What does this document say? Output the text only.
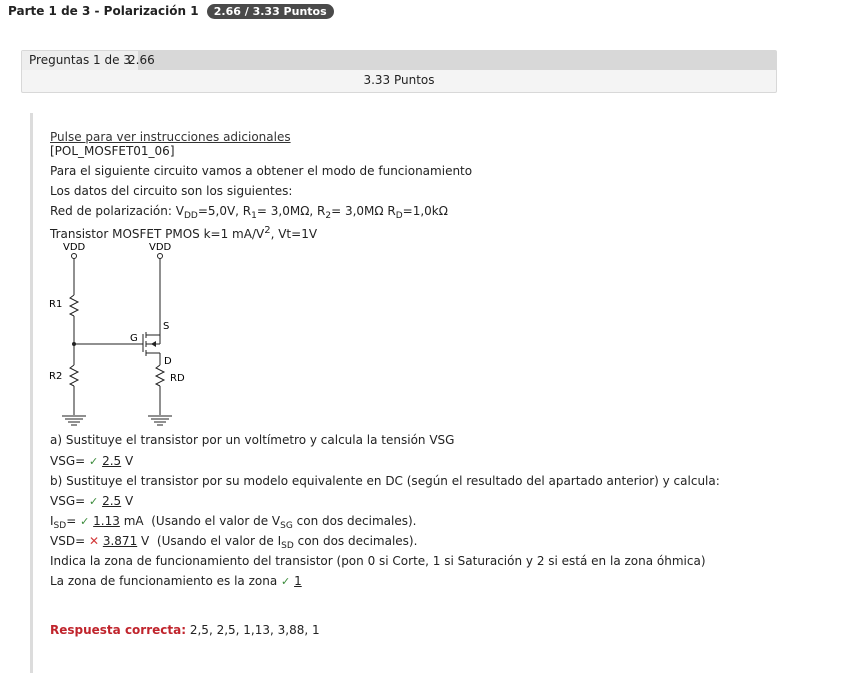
Parte 1 de 3 - Polarización 1 2.66 / 3.33 Puntos
Preguntas 1 de 3
2.66
3.33 Puntos
Pulse para ver instrucciones adicionales
[POL_MOSFET01_06]
Para el siguiente circuito vamos a obtener el modo de funcionamiento
Los datos del circuito son los siguientes:
Red de polarización: $V_{DD}=5,0V$, $R_1= 3,0M\Omega$, $R_2= 3,0M\Omega$ $R_D=1,0k\Omega$
Transistor MOSFET PMOS k=1 $mA/V^2$, Vt=1V
VDD	VDD
R1
R2
G
S
D
RD
a) Sustituye el transistor por un voltímetro y calcula la tensión VSG
VSG= ✓ 2.5 V
b) Sustituye el transistor por su modelo equivalente en DC (según el resultado del apartado anterior) y calcula:
VSG= ✓ 2.5 V
$I_{SD}=$ ✓ 1.13 mA (Usando el valor de $V_{SG}$ con dos decimales).
VSD= ✕ 3.871 V (Usando el valor de $I_{SD}$ con dos decimales).
Indica la zona de funcionamiento del transistor (pon 0 si Corte, 1 si Saturación y 2 si está en la zona óhmica)
La zona de funcionamiento es la zona ✓ 1
Respuesta correcta: 2,5, 2,5, 1,13, 3,88, 1
